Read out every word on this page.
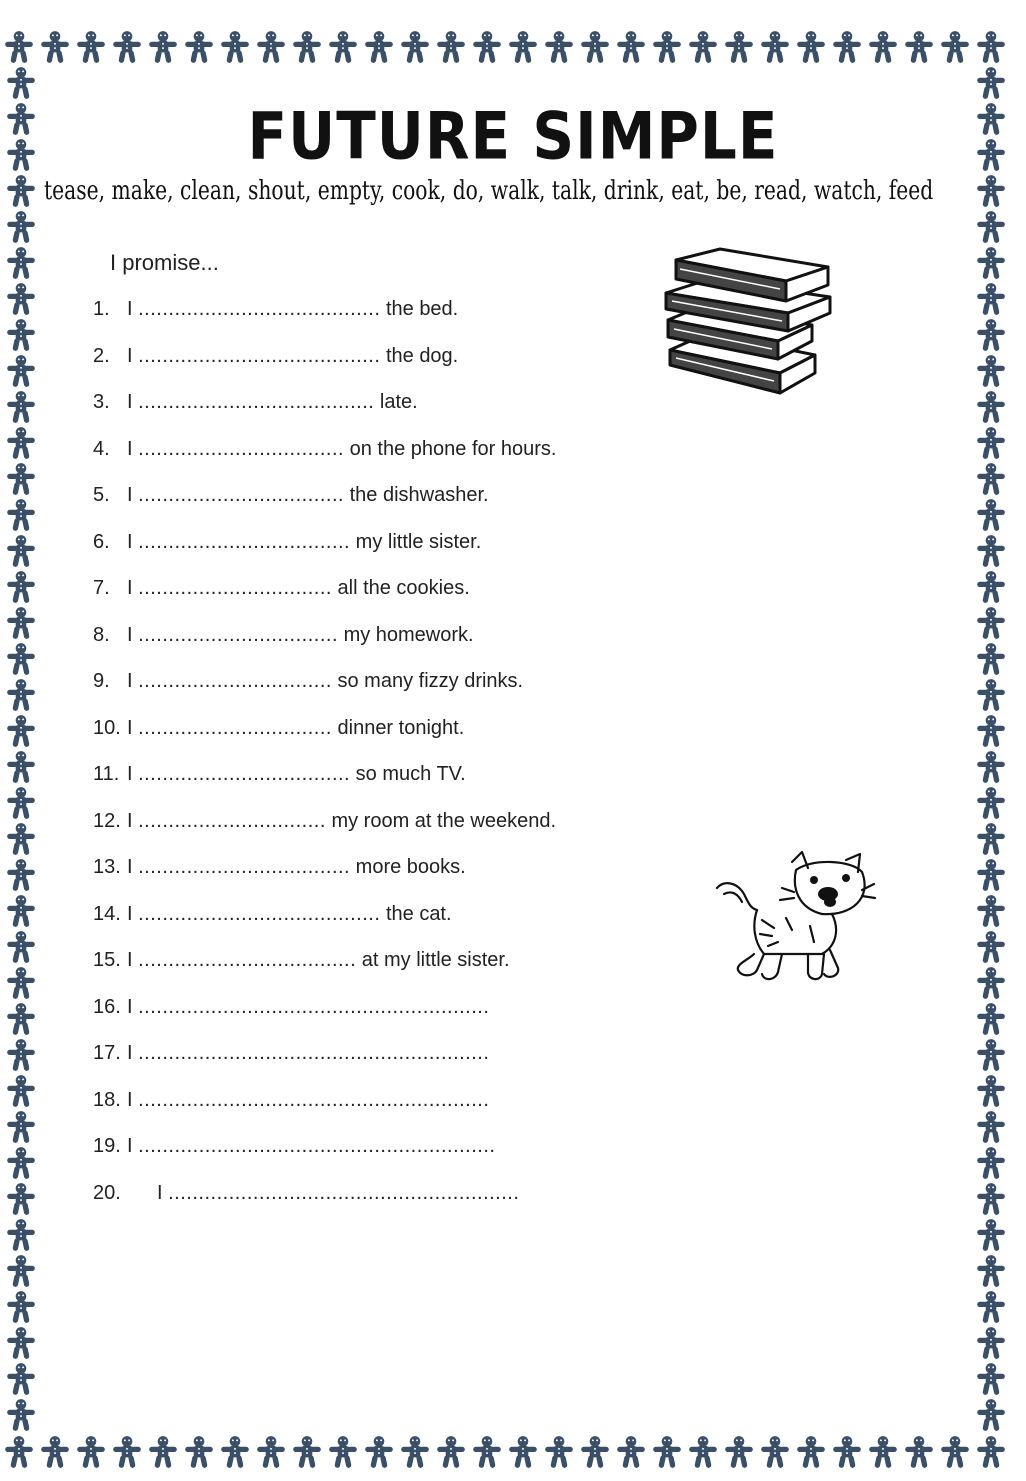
FUTURE SIMPLE
tease, make, clean, shout, empty, cook, do, walk, talk, drink, eat, be, read, watch, feed
I promise...
1. I ........................................ the bed.
2. I ........................................ the dog.
3. I ....................................... late.
4. I .................................. on the phone for hours.
5. I .................................. the dishwasher.
6. I ................................... my little sister.
7. I ................................ all the cookies.
8. I ................................. my homework.
9. I ................................ so many fizzy drinks.
10. I ................................ dinner tonight.
11. I ................................... so much TV.
12. I ............................... my room at the weekend.
13. I ................................... more books.
14. I ........................................ the cat.
15. I .................................... at my little sister.
16. I ..........................................................
17. I ..........................................................
18. I ..........................................................
19. I ...........................................................
20. I ..........................................................
